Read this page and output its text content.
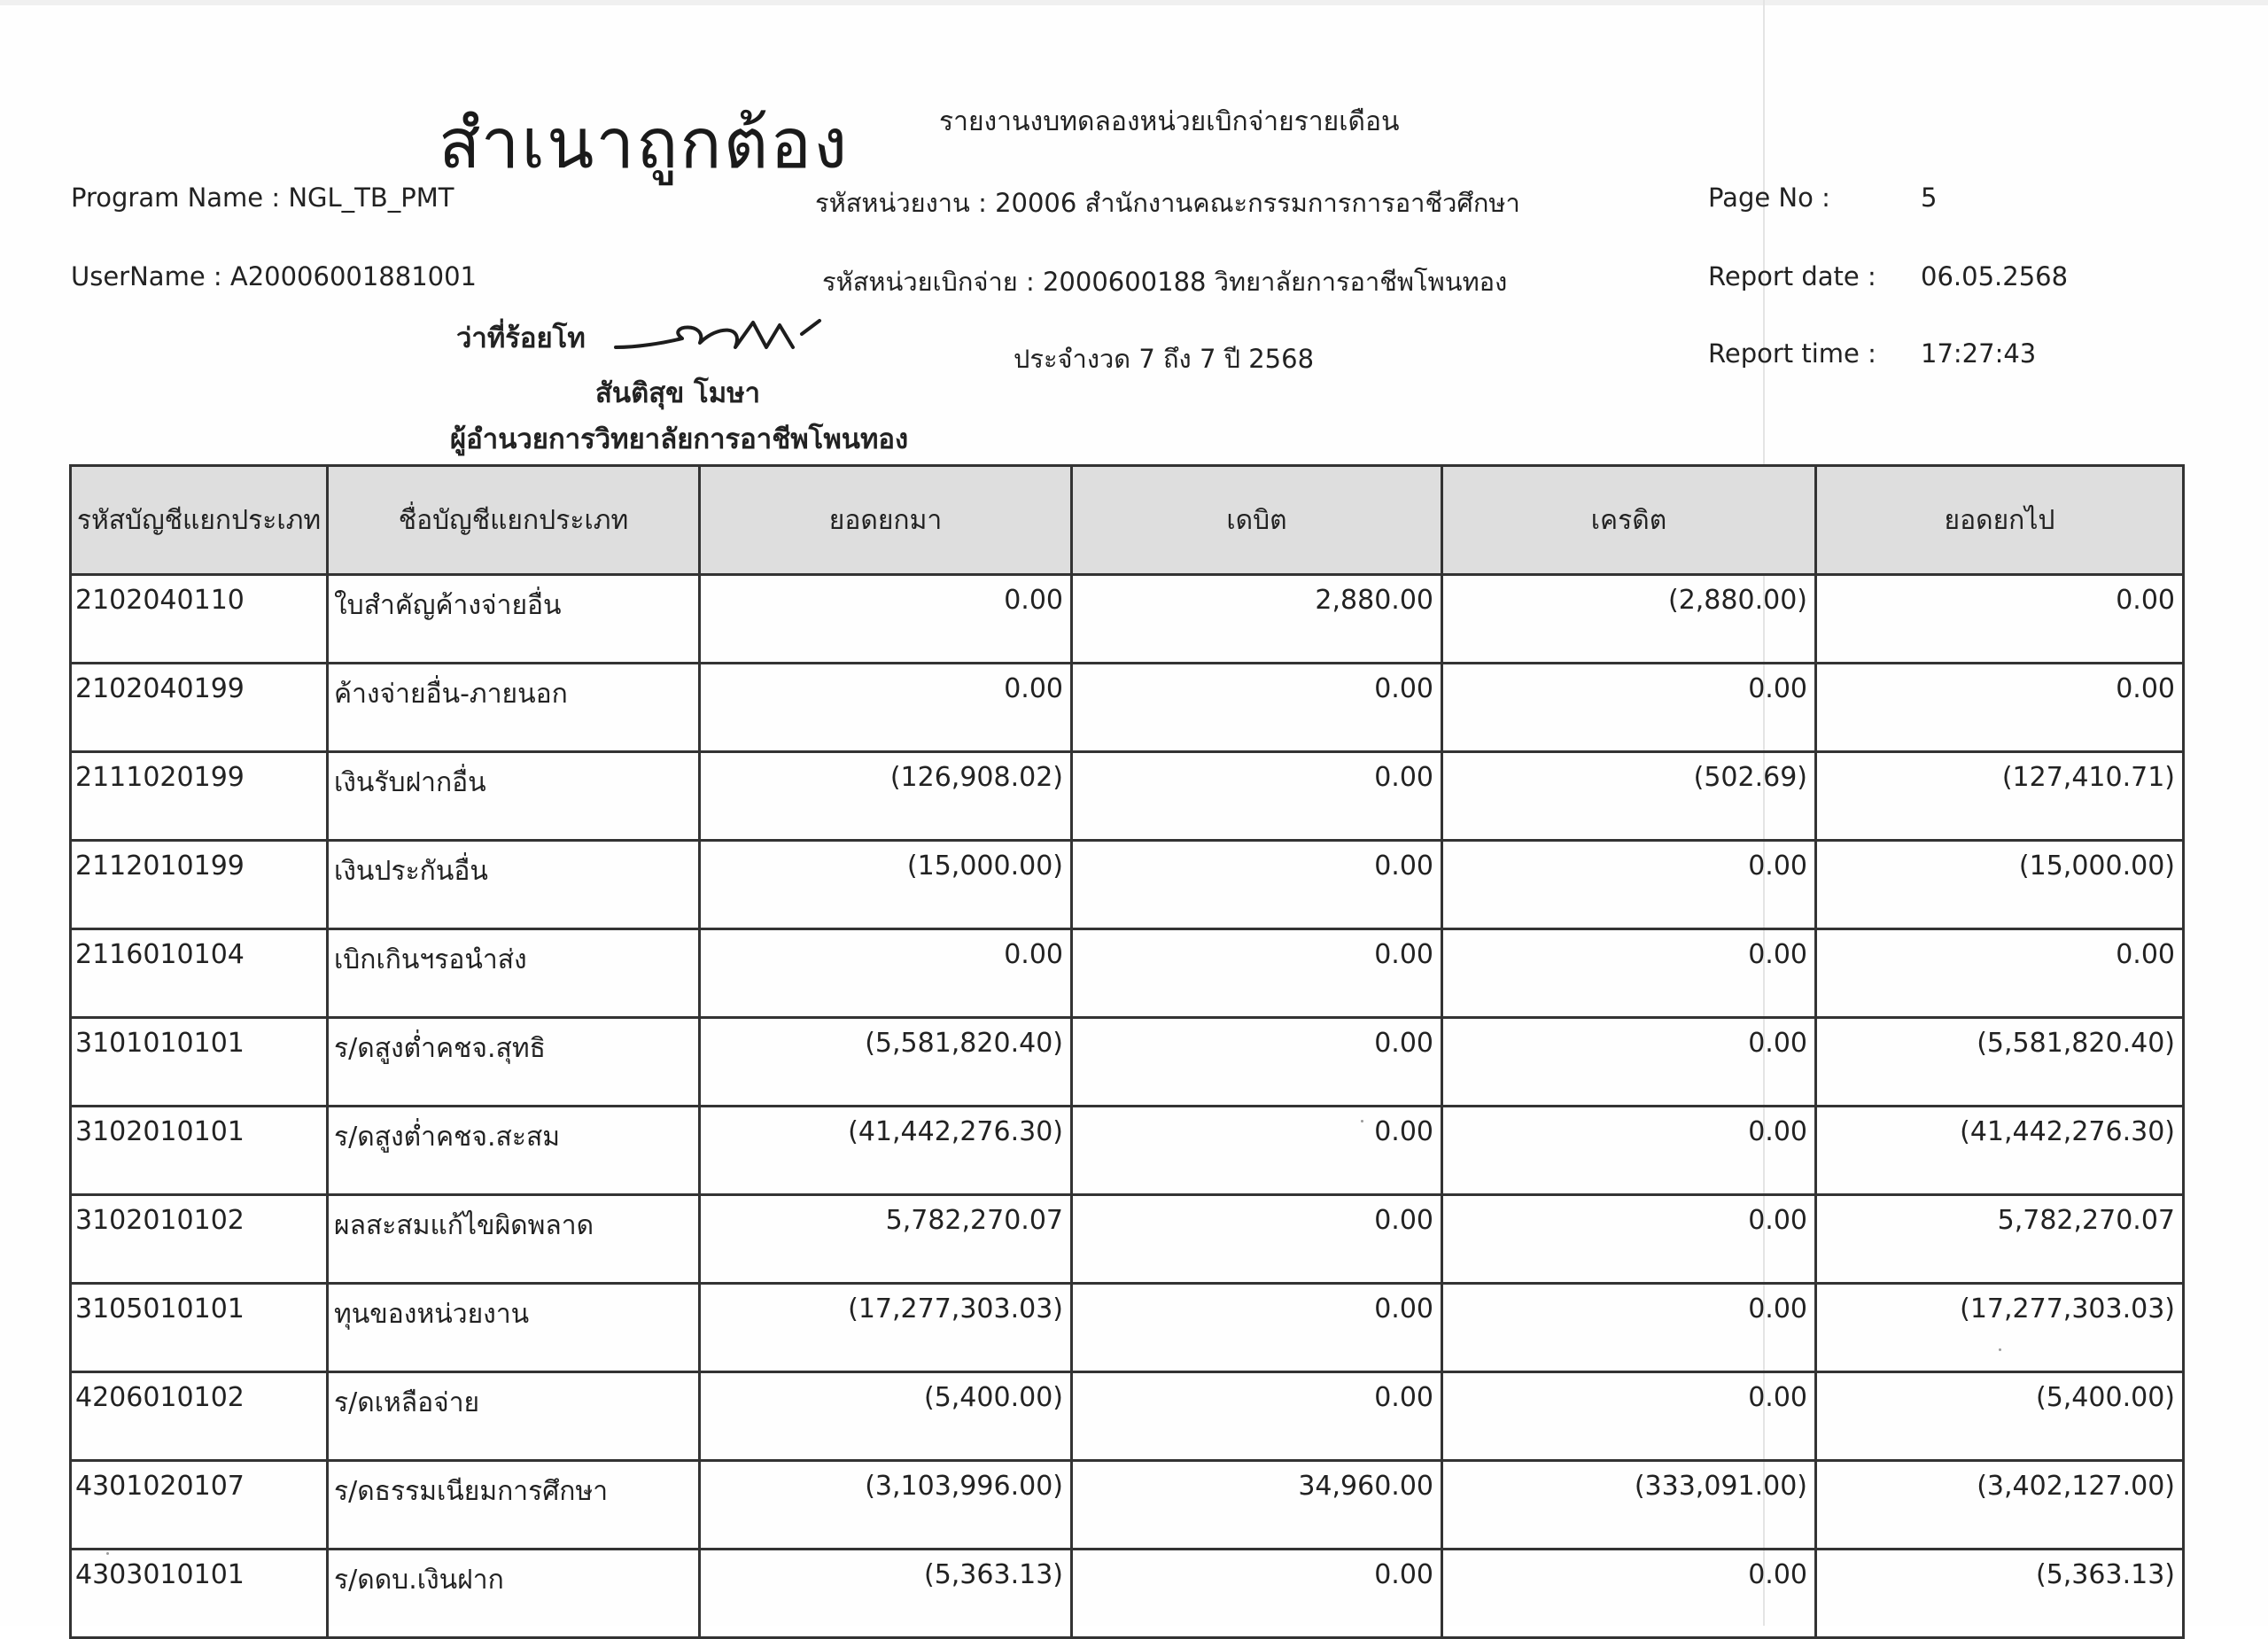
สำเนาถูกต้อง	รายงานงบทดลองหน่วยเบิกจ่ายรายเดือน
Program Name : NGL_TB_PMT
UserName : A20006001881001
รหัสหน่วยงาน : 20006 สำนักงานคณะกรรมการการอาชีวศึกษา
รหัสหน่วยเบิกจ่าย : 2000600188 วิทยาลัยการอาชีพโพนทอง
ประจำงวด 7 ถึง 7 ปี 2568
Page No :	5
Report date : 06.05.2568
Report time : 17:27:43
ว่าที่ร้อยโท
สันติสุข โมษา
ผู้อำนวยการวิทยาลัยการอาชีพโพนทอง
รหัสบัญชีแยกประเภท	ชื่อบัญชีแยกประเภท	ยอดยกมา	เดบิต	เครดิต	ยอดยกไป
2102040110	ใบสำคัญค้างจ่ายอื่น	0.00	2,880.00	(2,880.00)	0.00
2102040199	ค้างจ่ายอื่น-ภายนอก	0.00	0.00	0.00	0.00
2111020199	เงินรับฝากอื่น	(126,908.02)	0.00	(502.69)	(127,410.71)
2112010199	เงินประกันอื่น	(15,000.00)	0.00	0.00	(15,000.00)
2116010104	เบิกเกินฯรอนำส่ง	0.00	0.00	0.00	0.00
3101010101	ร/ดสูงต่ำคชจ.สุทธิ	(5,581,820.40)	0.00	0.00	(5,581,820.40)
3102010101	ร/ดสูงต่ำคชจ.สะสม	(41,442,276.30)	0.00	0.00	(41,442,276.30)
3102010102	ผลสะสมแก้ไขผิดพลาด	5,782,270.07	0.00	0.00	5,782,270.07
3105010101	ทุนของหน่วยงาน	(17,277,303.03)	0.00	0.00	(17,277,303.03)
4206010102	ร/ดเหลือจ่าย	(5,400.00)	0.00	0.00	(5,400.00)
4301020107	ร/ดธรรมเนียมการศึกษา	(3,103,996.00)	34,960.00	(333,091.00)	(3,402,127.00)
4303010101	ร/ดดบ.เงินฝาก	(5,363.13)	0.00	0.00	(5,363.13)
